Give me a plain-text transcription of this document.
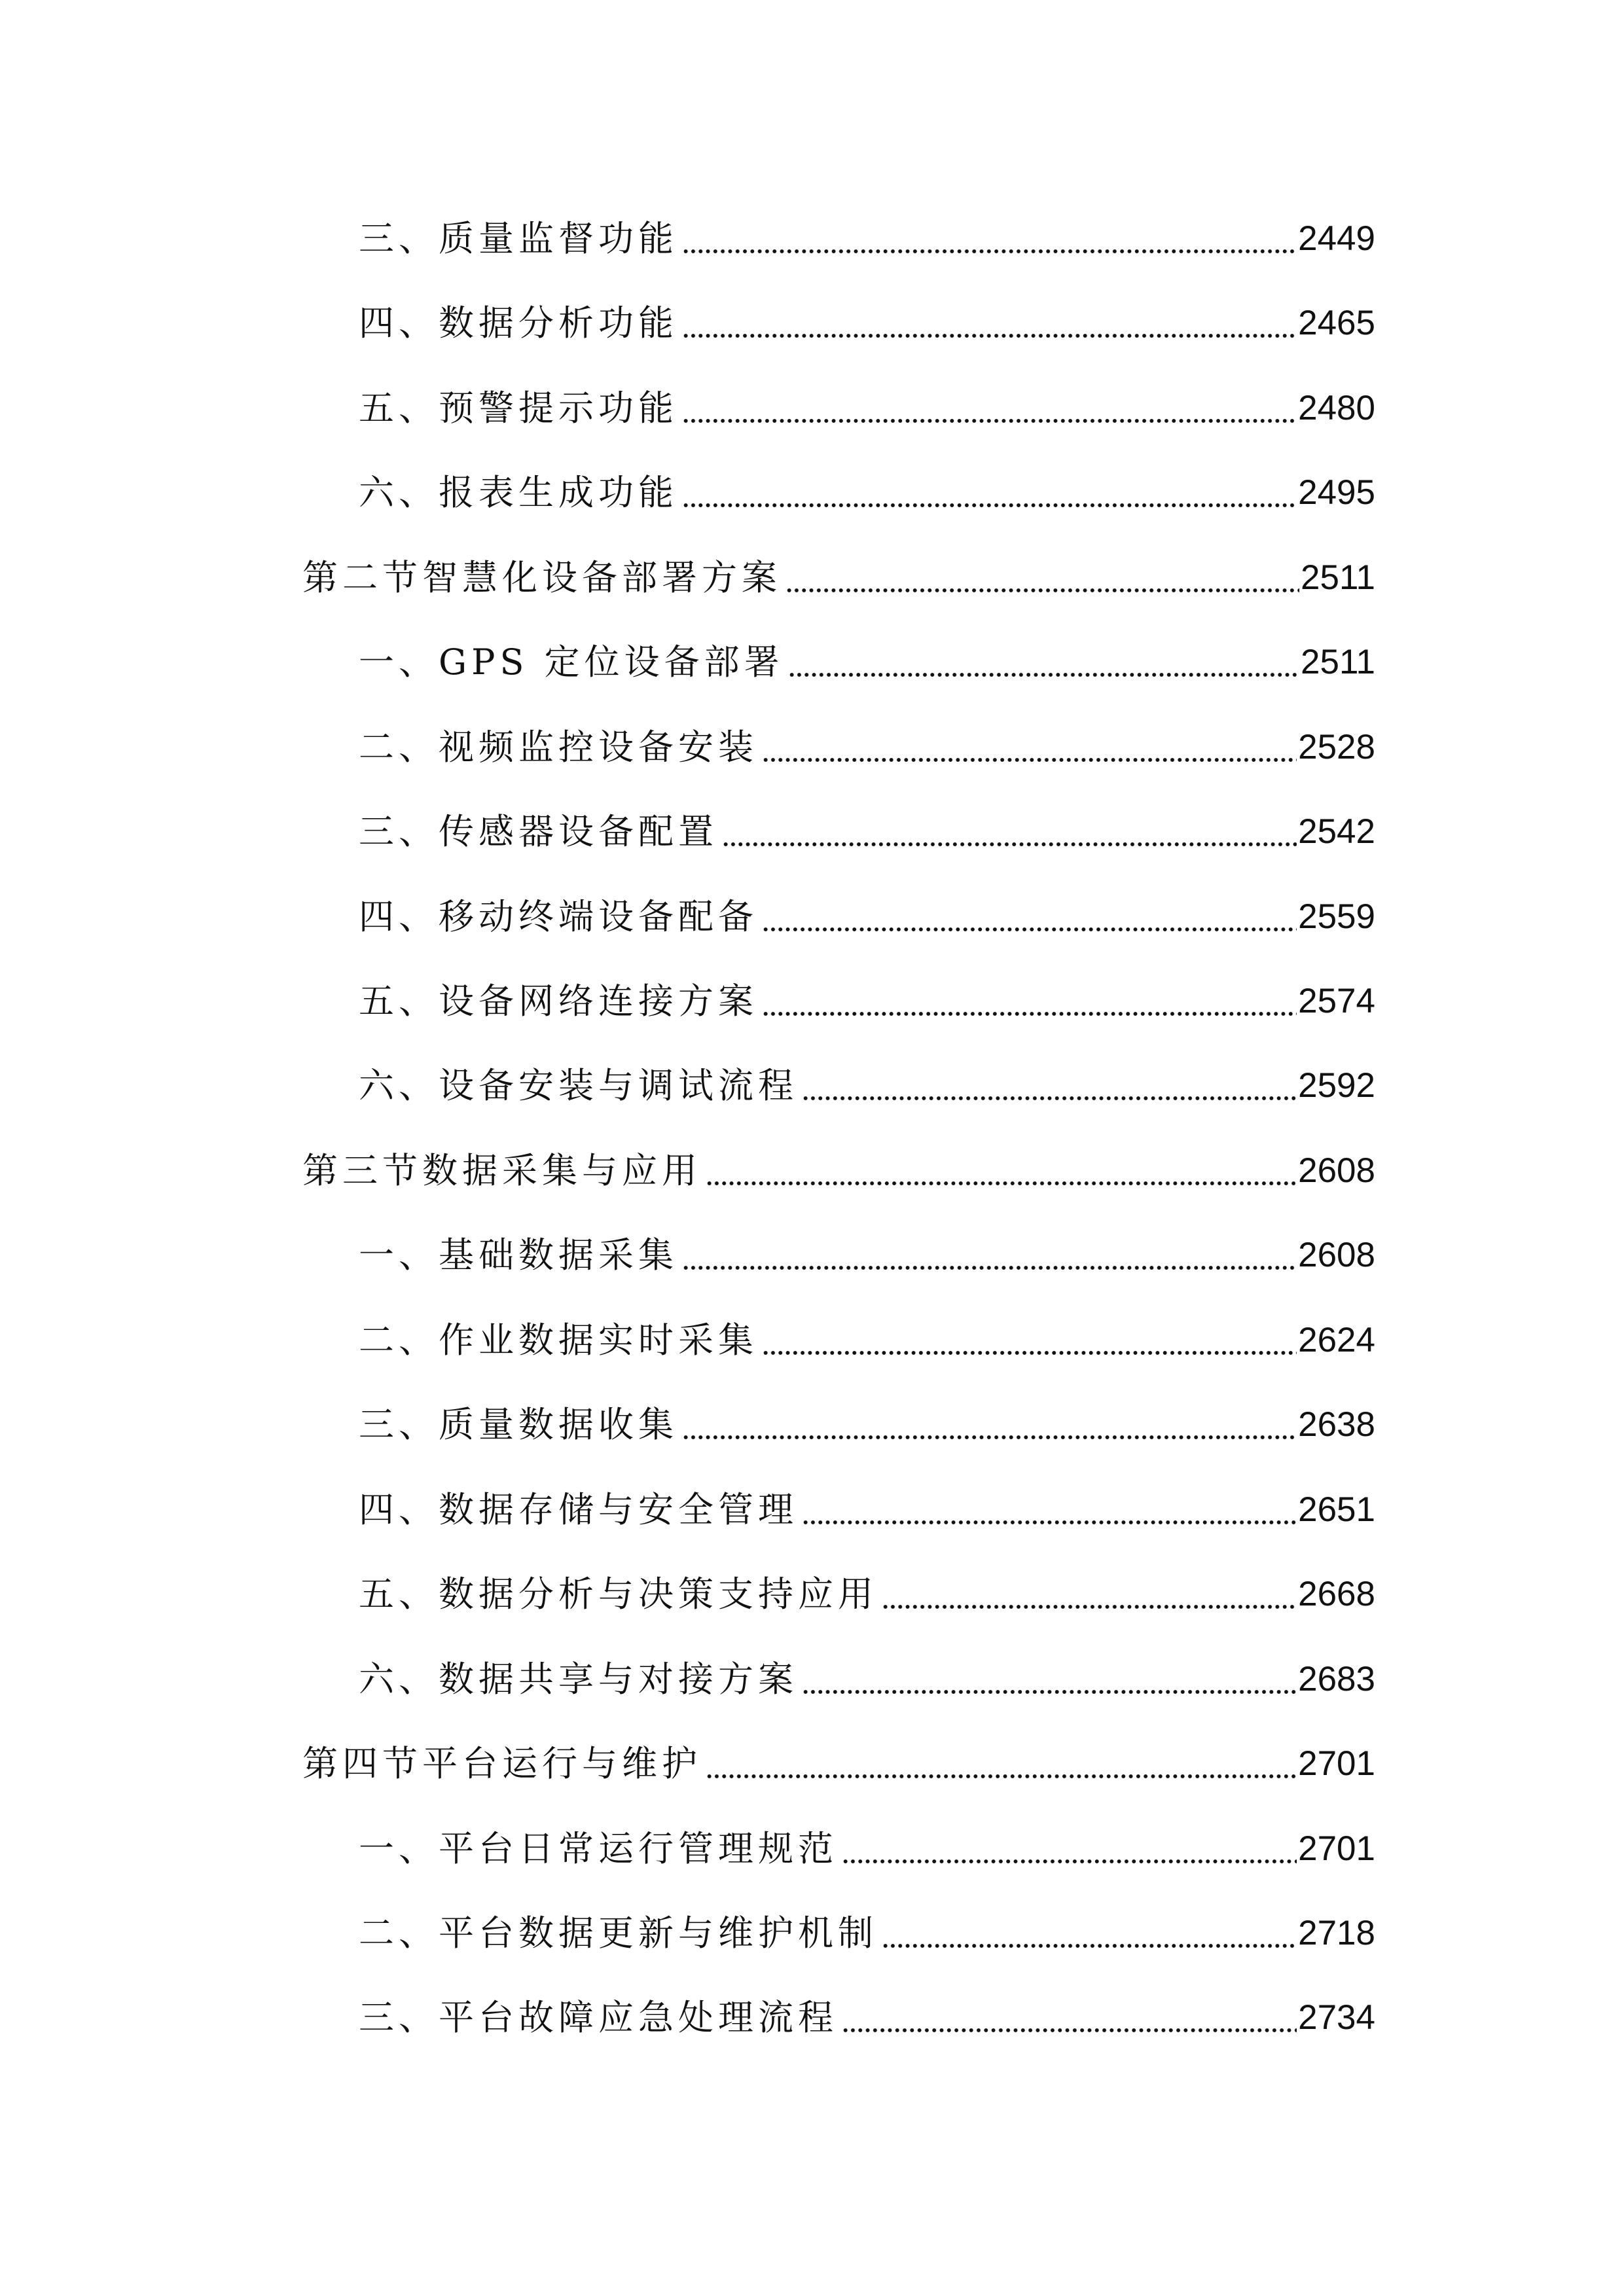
三、质量监督功能	2449
四、数据分析功能	2465
五、预警提示功能	2480
六、报表生成功能	2495
第二节智慧化设备部署方案	2511
一、GPS 定位设备部署	2511
二、视频监控设备安装	2528
三、传感器设备配置	2542
四、移动终端设备配备	2559
五、设备网络连接方案	2574
六、设备安装与调试流程	2592
第三节数据采集与应用	2608
一、基础数据采集	2608
二、作业数据实时采集	2624
三、质量数据收集	2638
四、数据存储与安全管理	2651
五、数据分析与决策支持应用	2668
六、数据共享与对接方案	2683
第四节平台运行与维护	2701
一、平台日常运行管理规范	2701
二、平台数据更新与维护机制	2718
三、平台故障应急处理流程	2734
